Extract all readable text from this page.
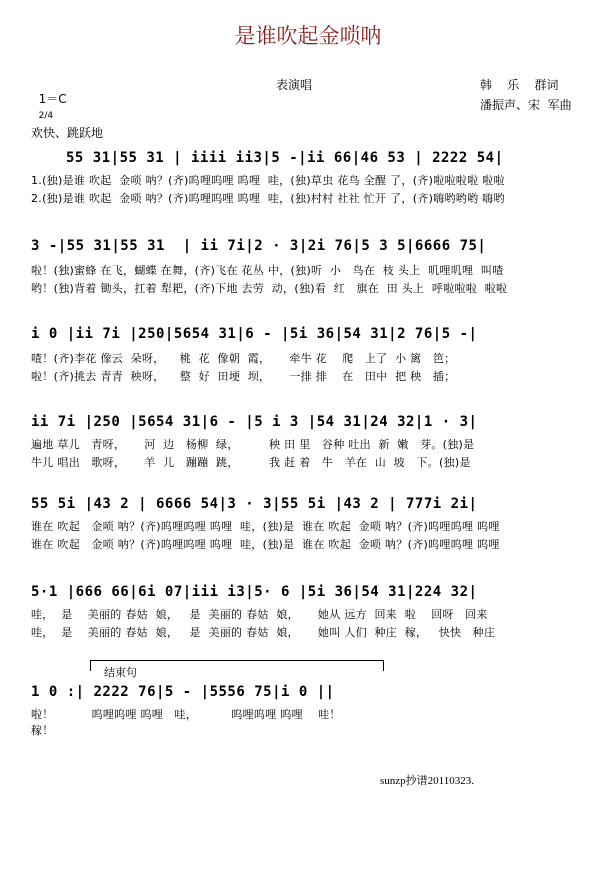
是谁吹起金唢呐

1＝C
2/4

表演唱	韩    乐    群词
潘振声、宋  军曲
欢快、跳跃地
55 31|55 31 | iiii ii3|5 -|ii 66|46 53 | 2222 54|
1.(独)是谁 吹起  金唢 呐？(齐)呜哩呜哩 呜哩  哇，(独)草虫 花鸟 全醒 了，(齐)啦啦啦啦 啦啦
2.(独)是谁 吹起  金唢 呐？(齐)呜哩呜哩 呜哩  哇，(独)村村 社社 忙开 了，(齐)嗨哟哟哟 嗨哟
3 -|55 31|55 31  | ii 7i|2 · 3|2i 76|5 3 5|6666 75|
啦！(独)蜜蜂 在飞，蝴蝶 在舞，(齐)飞在 花丛 中，(独)听  小   鸟在  枝 头上  叽哩叽哩  叫喳
哟！(独)背着 锄头，扛着 犁耙，(齐)下地 去劳  动，(独)看  红   旗在  田 头上  呼啦啦啦  啦啦
i 0 |ii 7i |250|5654 31|6 - |5i 36|54 31|2 76|5 -|
喳！(齐)李花 像云  朵呀，    桃  花  像朝  霞，     牵牛 花    爬   上了  小 篱   笆；
啦！(齐)挑去 青青  秧呀，    整  好  田埂  坝，     一排 排    在   田中  把 秧   插；
ii 7i |250 |5654 31|6 - |5 i 3 |54 31|24 32|1 · 3|
遍地 草儿   青呀，     河  边   杨柳  绿，        秧 田 里   谷种 吐出  新  嫩   芽。(独)是
牛儿 唱出   歌呀，     羊  儿   蹦蹦  跳，        我 赶 着   牛   羊在  山  坡   下。(独)是
55 5i |43 2 | 6666 54|3 · 3|55 5i |43 2 | 777i 2i|
谁在 吹起   金唢 呐？(齐)呜哩呜哩 呜哩  哇，(独)是  谁在 吹起  金唢 呐？(齐)呜哩呜哩 呜哩
谁在 吹起   金唢 呐？(齐)呜哩呜哩 呜哩  哇，(独)是  谁在 吹起  金唢 呐？(齐)呜哩呜哩 呜哩
5·1 |666 66|6i 07|iii i3|5· 6 |5i 36|54 31|224 32|
哇，  是    美丽的 春姑  娘，   是  美丽的 春姑  娘，     她从 远方  回来  啦    回呀   回来
哇，  是    美丽的 春姑  娘，   是  美丽的 春姑  娘，     她叫 人们  种庄  稼，   快快   种庄
结束句
1 0 :| 2222 76|5 - |5556 75|i 0 ||
啦！          呜哩呜哩 呜哩   哇，         呜哩呜哩 呜哩    哇！
稼！
sunzp抄谱20110323.
